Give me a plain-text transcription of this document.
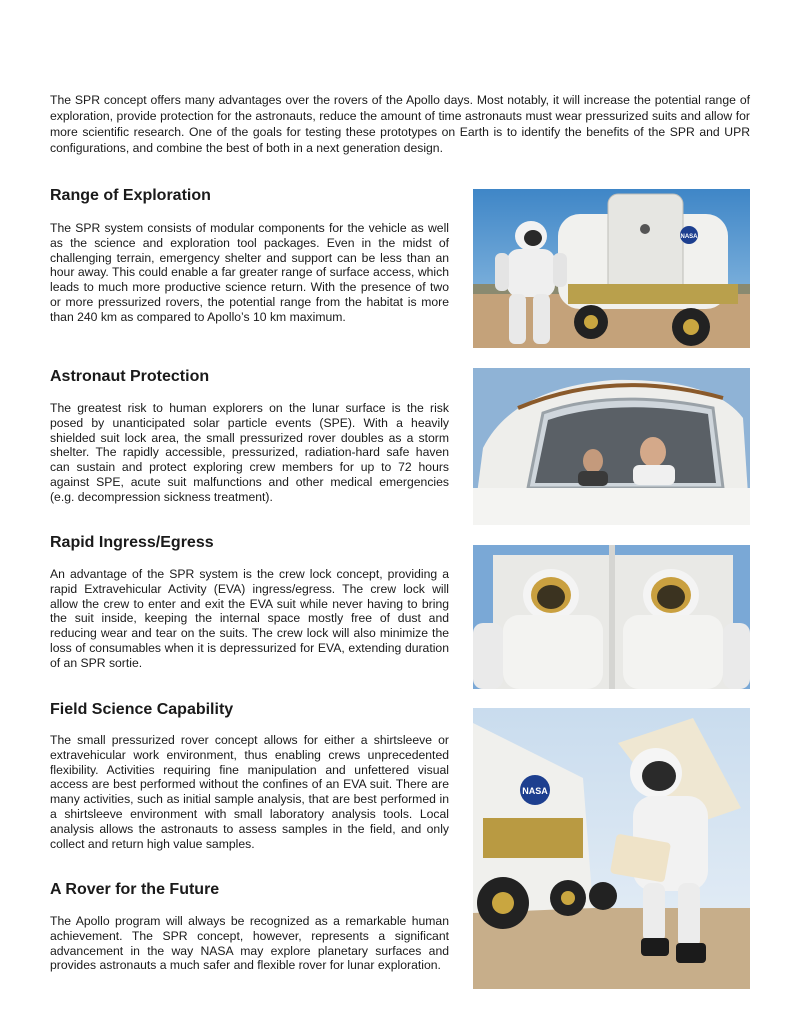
The SPR concept offers many advantages over the rovers of the Apollo days. Most notably, it will increase the potential range of exploration, provide protection for the astronauts, reduce the amount of time astronauts must wear pressurized suits and allow for more scientific research. One of the goals for testing these prototypes on Earth is to identify the benefits of the SPR and UPR configurations, and combine the best of both in a next generation design.

Range of Exploration

The SPR system consists of modular components for the vehicle as well as the science and exploration tool packages. Even in the midst of challenging terrain, emergency shelter and support can be less than an hour away. This could enable a far greater range of surface access, which leads to much more productive science return. With the presence of two or more pressurized rovers, the potential range from the habitat is more than 240 km as compared to Apollo’s 10 km maximum.

Astronaut Protection

The greatest risk to human explorers on the lunar surface is the risk posed by unanticipated solar particle events (SPE). With a heavily shielded suit lock area, the small pressurized rover doubles as a storm shelter. The rapidly accessible, pressurized, radiation-hard safe haven can sustain and protect exploring crew members for up to 72 hours against SPE, acute suit malfunctions and other medical emergencies (e.g. decompression sickness treatment).

Rapid Ingress/Egress

An advantage of the SPR system is the crew lock concept, providing a rapid Extravehicular Activity (EVA) ingress/egress. The crew lock will allow the crew to enter and exit the EVA suit while never having to bring the suit inside, keeping the internal space mostly free of dust and reducing wear and tear on the suits. The crew lock will also minimize the loss of consumables when it is depressurized for EVA, extending duration of an SPR sortie.

Field Science Capability

The small pressurized rover concept allows for either a shirtsleeve or extravehicular work environment, thus enabling crews unprecedented flexibility. Activities requiring fine manipulation and unfettered visual access are best performed without the confines of an EVA suit. There are many activities, such as initial sample analysis, that are best performed in a shirtsleeve environment with small laboratory analysis tools. Local analysis allows the astronauts to assess samples in the field, and only collect and return high value samples.

A Rover for the Future

The Apollo program will always be recognized as a remarkable human achievement. The SPR concept, however, represents a significant advancement in the way NASA may explore planetary surfaces and provides astronauts a much safer and flexible rover for lunar exploration.

NASA
NASA
